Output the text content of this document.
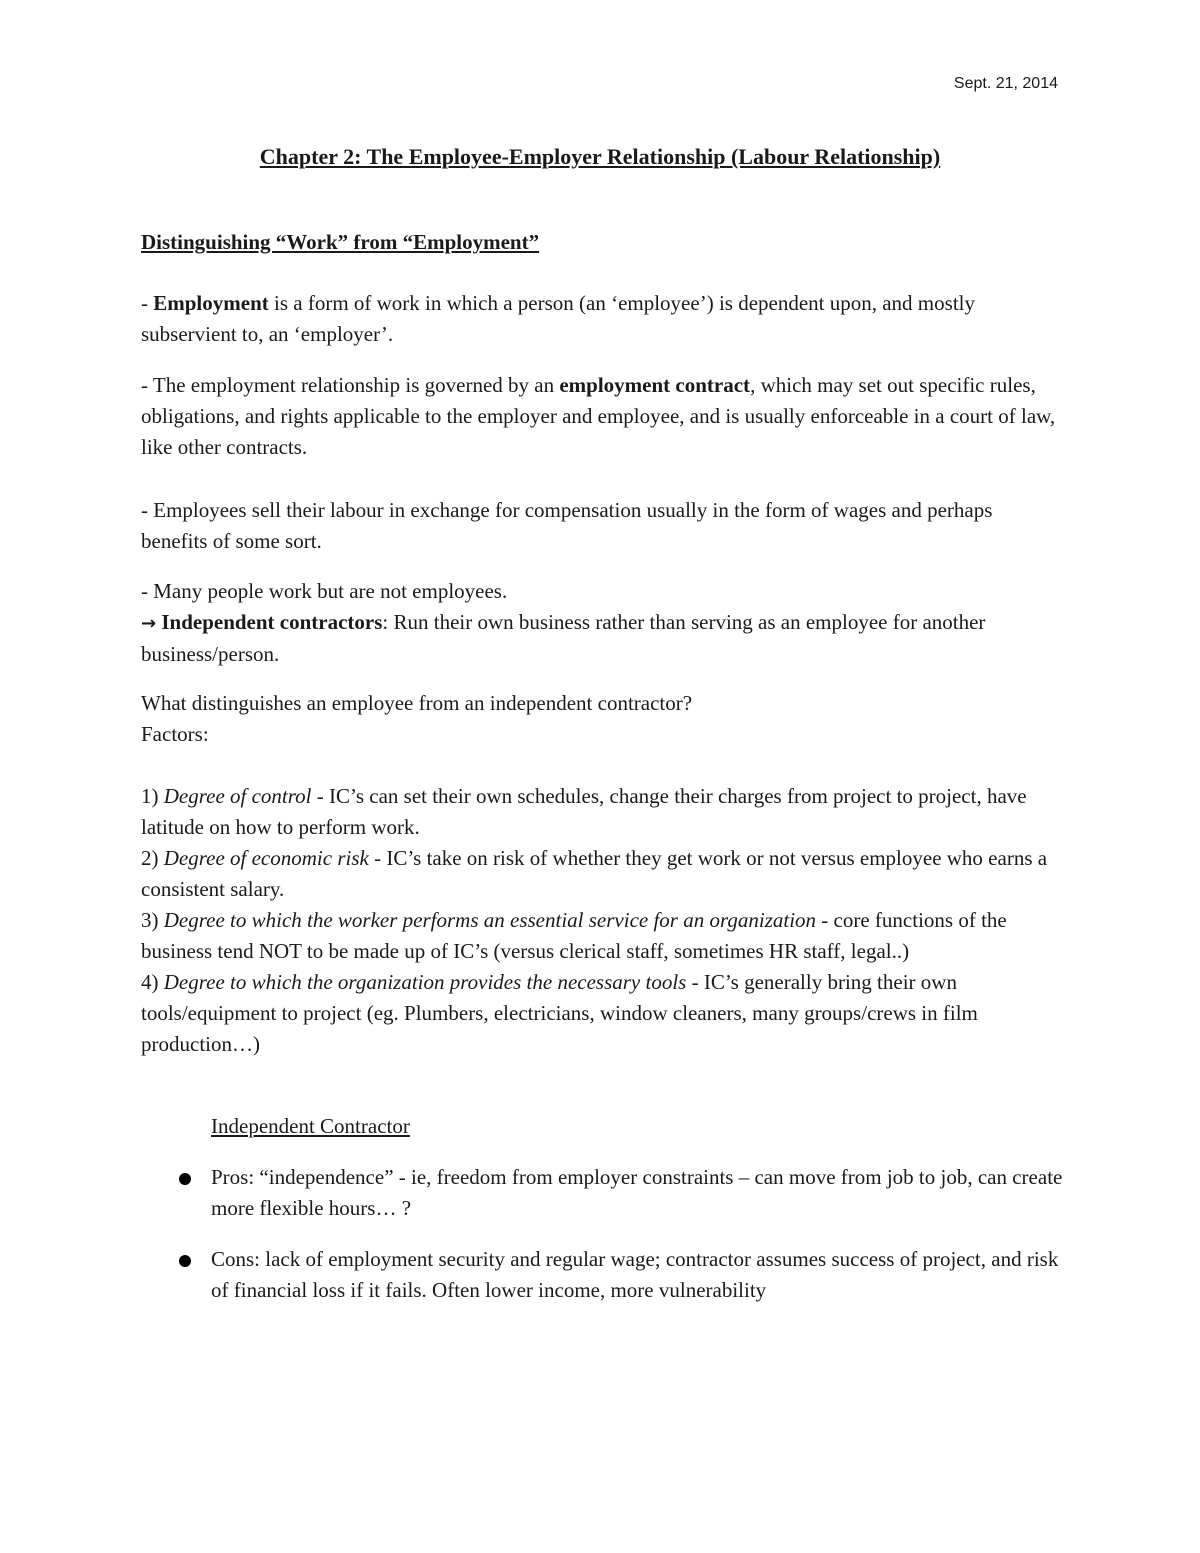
Sept. 21, 2014
Chapter 2: The Employee-Employer Relationship (Labour Relationship)
Distinguishing “Work” from “Employment”

- Employment is a form of work in which a person (an ‘employee’) is dependent upon, and mostly subservient to, an ‘employer’.

- The employment relationship is governed by an employment contract, which may set out specific rules, obligations, and rights applicable to the employer and employee, and is usually enforceable in a court of law, like other contracts.

- Employees sell their labour in exchange for compensation usually in the form of wages and perhaps benefits of some sort.

- Many people work but are not employees.

→ Independent contractors: Run their own business rather than serving as an employee for another business/person.

What distinguishes an employee from an independent contractor?

Factors:

1) Degree of control - IC’s can set their own schedules, change their charges from project to project, have latitude on how to perform work.

2) Degree of economic risk - IC’s take on risk of whether they get work or not versus employee who earns a consistent salary.

3) Degree to which the worker performs an essential service for an organization - core functions of the business tend NOT to be made up of IC’s (versus clerical staff, sometimes HR staff, legal..)

4) Degree to which the organization provides the necessary tools - IC’s generally bring their own tools/equipment to project (eg. Plumbers, electricians, window cleaners, many groups/crews in film production…)

Independent Contractor

Pros: “independence” - ie, freedom from employer constraints – can move from job to job, can create more flexible hours… ?

Cons: lack of employment security and regular wage; contractor assumes success of project, and risk of financial loss if it fails. Often lower income, more vulnerability
